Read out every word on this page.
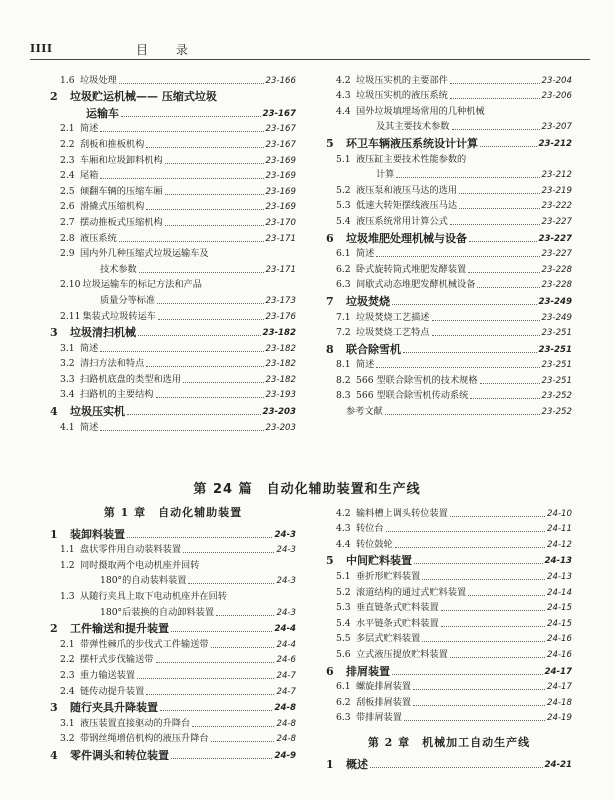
IIII	目 录
1.6 垃圾处理	23-166
2	垃圾贮运机械—— 压缩式垃圾
运输车	23-167
2.1 简述	23-167
2.2 刮板和推板机构	23-167
2.3 车厢和垃圾卸料机构	23-169
2.4 尾箱	23-169
2.5 倾翻车辆的压缩车厢	23-169
2.6 滑撬式压缩机构	23-169
2.7 摆动推板式压缩机构	23-170
2.8 液压系统	23-171
2.9 国内外几种压缩式垃圾运输车及
技术参数	23-171
2.10 垃圾运输车的标记方法和产品
质量分等标准	23-173
2.11 集装式垃圾转运车	23-176
3	垃圾清扫机械	23-182
3.1 简述	23-182
3.2 清扫方法和特点	23-182
3.3 扫路机底盘的类型和选用	23-182
3.4 扫路机的主要结构	23-193
4	垃圾压实机	23-203
4.1 简述	23-203
4.2 垃圾压实机的主要部件	23-204
4.3 垃圾压实机的液压系统	23-206
4.4 国外垃圾填埋场常用的几种机械
及其主要技术参数	23-207
5	环卫车辆液压系统设计计算	23-212
5.1 液压缸主要技术性能参数的
计算	23-212
5.2 液压泵和液压马达的选用	23-219
5.3 低速大转矩摆线液压马达	23-222
5.4 液压系统常用计算公式	23-227
6	垃圾堆肥处理机械与设备	23-227
6.1 简述	23-227
6.2 卧式旋转筒式堆肥发酵装置	23-228
6.3 间歇式动态堆肥发酵机械设备	23-228
7	垃圾焚烧	23-249
7.1 垃圾焚烧工艺描述	23-249
7.2 垃圾焚烧工艺特点	23-251
8	联合除雪机	23-251
8.1 简述	23-251
8.2 566 型联合除雪机的技术规格	23-251
8.3 566 型联合除雪机传动系统	23-252
参考文献	23-252
第 24 篇　自动化辅助装置和生产线
第 1 章　自动化辅助装置
1	装卸料装置	24-3
1.1 盘状零件用自动装料装置	24-3
1.2 同时摄取两个电动机座并回转
180°的自动装料装置	24-3
1.3 从随行夹具上取下电动机座并在回转
180°后装换的自动卸料装置	24-3
2	工件输送和提升装置	24-4
2.1 带弹性棘爪的步伐式工件输送带	24-4
2.2 摆杆式步伐输送带	24-6
2.3 重力输送装置	24-7
2.4 链传动提升装置	24-7
3	随行夹具升降装置	24-8
3.1 液压装置直接驱动的升降台	24-8
3.2 带钢丝绳增倍机构的液压升降台	24-8
4	零件调头和转位装置	24-9
4.2 输料槽上调头转位装置	24-10
4.3 转位台	24-11
4.4 转位鼓轮	24-12
5	中间贮料装置	24-13
5.1 垂折形贮料装置	24-13
5.2 滚道结构的通过式贮料装置	24-14
5.3 垂直链条式贮料装置	24-15
5.4 水平链条式贮料装置	24-15
5.5 多层式贮料装置	24-16
5.6 立式液压提放贮料装置	24-16
6	排屑装置	24-17
6.1 螺旋排屑装置	24-17
6.2 刮板排屑装置	24-18
6.3 带排屑装置	24-19
第 2 章　机械加工自动生产线
1	概述	24-21
